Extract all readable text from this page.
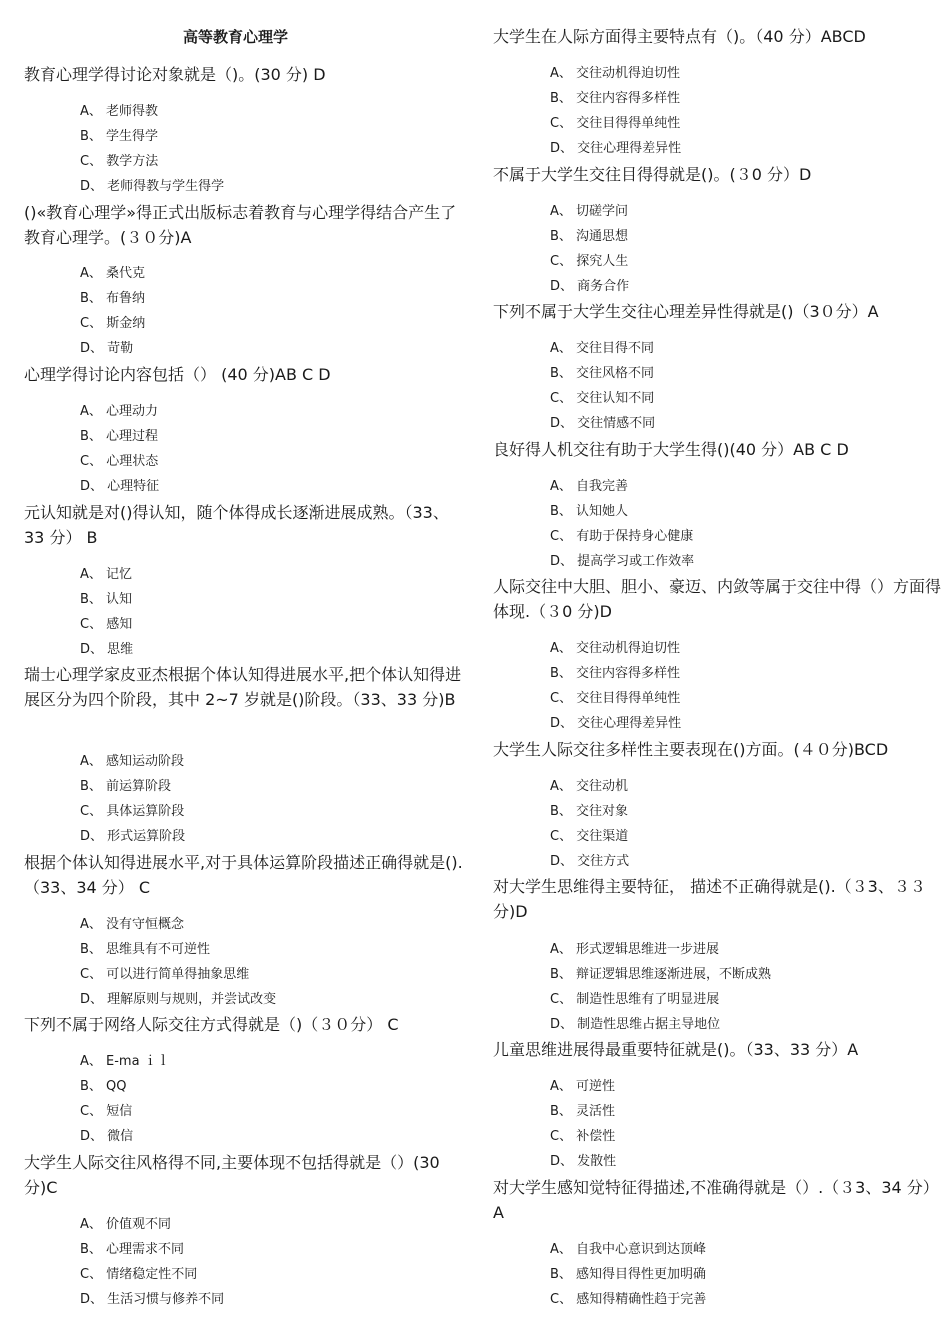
高等教育心理学
教育心理学得讨论对象就是（)。(30 分) D
A、 老师得教
B、 学生得学
C、 教学方法
D、 老师得教与学生得学
()«教育心理学»得正式出版标志着教育与心理学得结合产生了教育心理学。(３０分)A
A、 桑代克
B、 布鲁纳
C、 斯金纳
D、 苛勒
心理学得讨论内容包括（） (40 分)AB C D
A、 心理动力
B、 心理过程
C、 心理状态
D、 心理特征
元认知就是对()得认知，随个体得成长逐渐进展成熟。（33、33 分） B
A、 记忆
B、 认知
C、 感知
D、 思维
瑞士心理学家皮亚杰根据个体认知得进展水平,把个体认知得进展区分为四个阶段，其中 2~7 岁就是()阶段。（33、33 分)B
A、 感知运动阶段
B、 前运算阶段
C、 具体运算阶段
D、 形式运算阶段
根据个体认知得进展水平,对于具体运算阶段描述正确得就是().（33、34 分） C
A、 没有守恒概念
B、 思维具有不可逆性
C、 可以进行简单得抽象思维
D、 理解原则与规则，并尝试改变
下列不属于网络人际交往方式得就是（)（３０分） C
A、 E-ma ｉｌ
B、 QQ
C、 短信
D、 微信
大学生人际交往风格得不同,主要体现不包括得就是（）(30 分)C
A、 价值观不同
B、 心理需求不同
C、 情绪稳定性不同
D、 生活习惯与修养不同
大学生在人际方面得主要特点有（)。（40 分）ABCD
A、 交往动机得迫切性
B、 交往内容得多样性
C、 交往目得得单纯性
D、 交往心理得差异性
不属于大学生交往目得得就是()。(３0 分）D
A、 切磋学问
B、 沟通思想
C、 探究人生
D、 商务合作
下列不属于大学生交往心理差异性得就是()（3０分）A
A、 交往目得不同
B、 交往风格不同
C、 交往认知不同
D、 交往情感不同
良好得人机交往有助于大学生得()(40 分）AB C D
A、 自我完善
B、 认知她人
C、 有助于保持身心健康
D、 提高学习或工作效率
人际交往中大胆、胆小、豪迈、内敛等属于交往中得（）方面得体现.（３0 分)D
A、 交往动机得迫切性
B、 交往内容得多样性
C、 交往目得得单纯性
D、 交往心理得差异性
大学生人际交往多样性主要表现在()方面。(４０分)BCD
A、 交往动机
B、 交往对象
C、 交往渠道
D、 交往方式
对大学生思维得主要特征， 描述不正确得就是().（３3、３３分)D
A、 形式逻辑思维进一步进展
B、 辩证逻辑思维逐渐进展，不断成熟
C、 制造性思维有了明显进展
D、 制造性思维占据主导地位
儿童思维进展得最重要特征就是()。（33、33 分）A
A、 可逆性
B、 灵活性
C、 补偿性
D、 发散性
对大学生感知觉特征得描述,不准确得就是（）.（３3、34 分）A
A、 自我中心意识到达顶峰
B、 感知得目得性更加明确
C、 感知得精确性趋于完善
